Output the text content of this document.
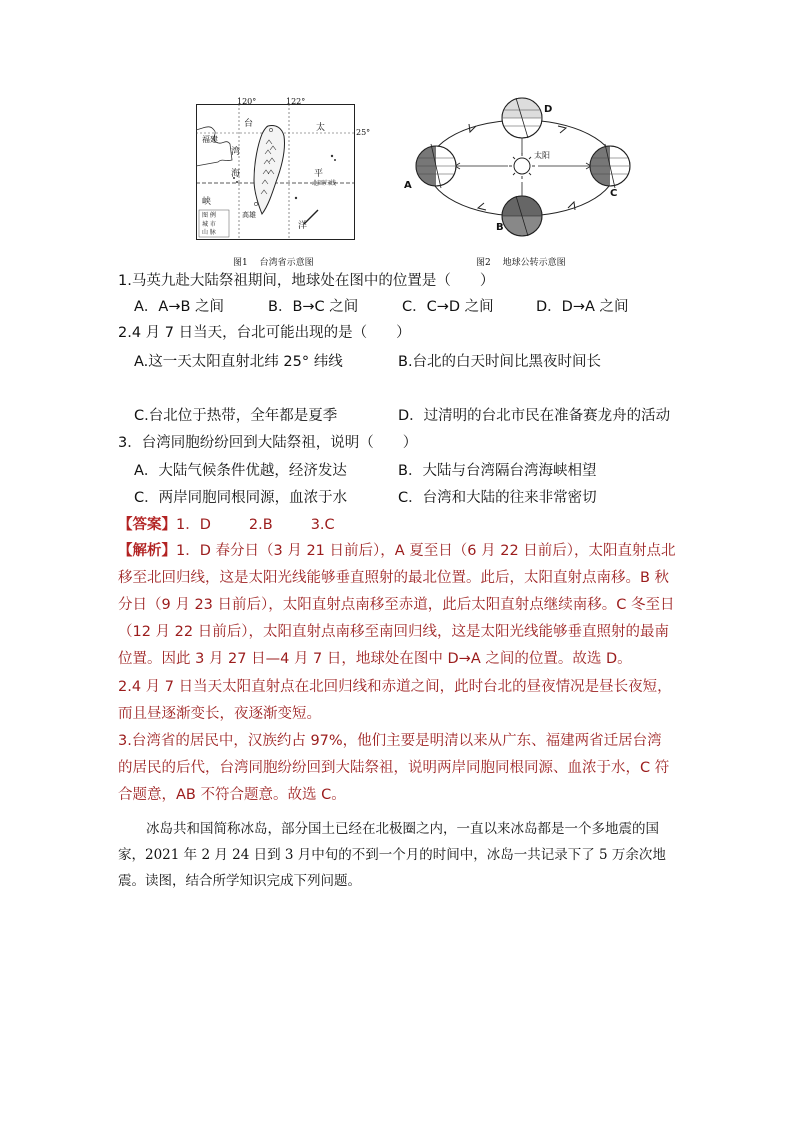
120°	122°
25°
福建
台
湾
海
峡
太
平
洋
高雄
北回归线
图 例
城 市
山 脉
图1　 台湾省示意图
D
A
C
B
太阳
图2　 地球公转示意图
1.马英九赴大陆祭祖期间，地球处在图中的位置是（　　）
A．A→B 之间	B．B→C 之间	C．C→D 之间	D．D→A 之间
2.4 月 7 日当天，台北可能出现的是（　　）
A.这一天太阳直射北纬 25° 纬线	B.台北的白天时间比黑夜时间长
C.台北位于热带，全年都是夏季	D．过清明的台北市民在准备赛龙舟的活动
3．台湾同胞纷纷回到大陆祭祖，说明（　　）
A．大陆气候条件优越，经济发达	B．大陆与台湾隔台湾海峡相望
C．两岸同胞同根同源，血浓于水	C．台湾和大陆的往来非常密切
【答案】1．D	2.B	3.C
【解析】1．D 春分日（3 月 21 日前后），A 夏至日（6 月 22 日前后），太阳直射点北移至北回归线，这是太阳光线能够垂直照射的最北位置。此后，太阳直射点南移。B 秋分日（9 月 23 日前后），太阳直射点南移至赤道，此后太阳直射点继续南移。C 冬至日（12 月 22 日前后），太阳直射点南移至南回归线，这是太阳光线能够垂直照射的最南位置。因此 3 月 27 日—4 月 7 日，地球处在图中 D→A 之间的位置。故选 D。
2.4 月 7 日当天太阳直射点在北回归线和赤道之间，此时台北的昼夜情况是昼长夜短，而且昼逐渐变长，夜逐渐变短。
3.台湾省的居民中，汉族约占 97%，他们主要是明清以来从广东、福建两省迁居台湾的居民的后代，台湾同胞纷纷回到大陆祭祖，说明两岸同胞同根同源、血浓于水，C 符合题意，AB 不符合题意。故选 C。
冰岛共和国简称冰岛，部分国土已经在北极圈之内，一直以来冰岛都是一个多地震的国家，2021 年 2 月 24 日到 3 月中旬的不到一个月的时间中，冰岛一共记录下了 5 万余次地震。读图，结合所学知识完成下列问题。
